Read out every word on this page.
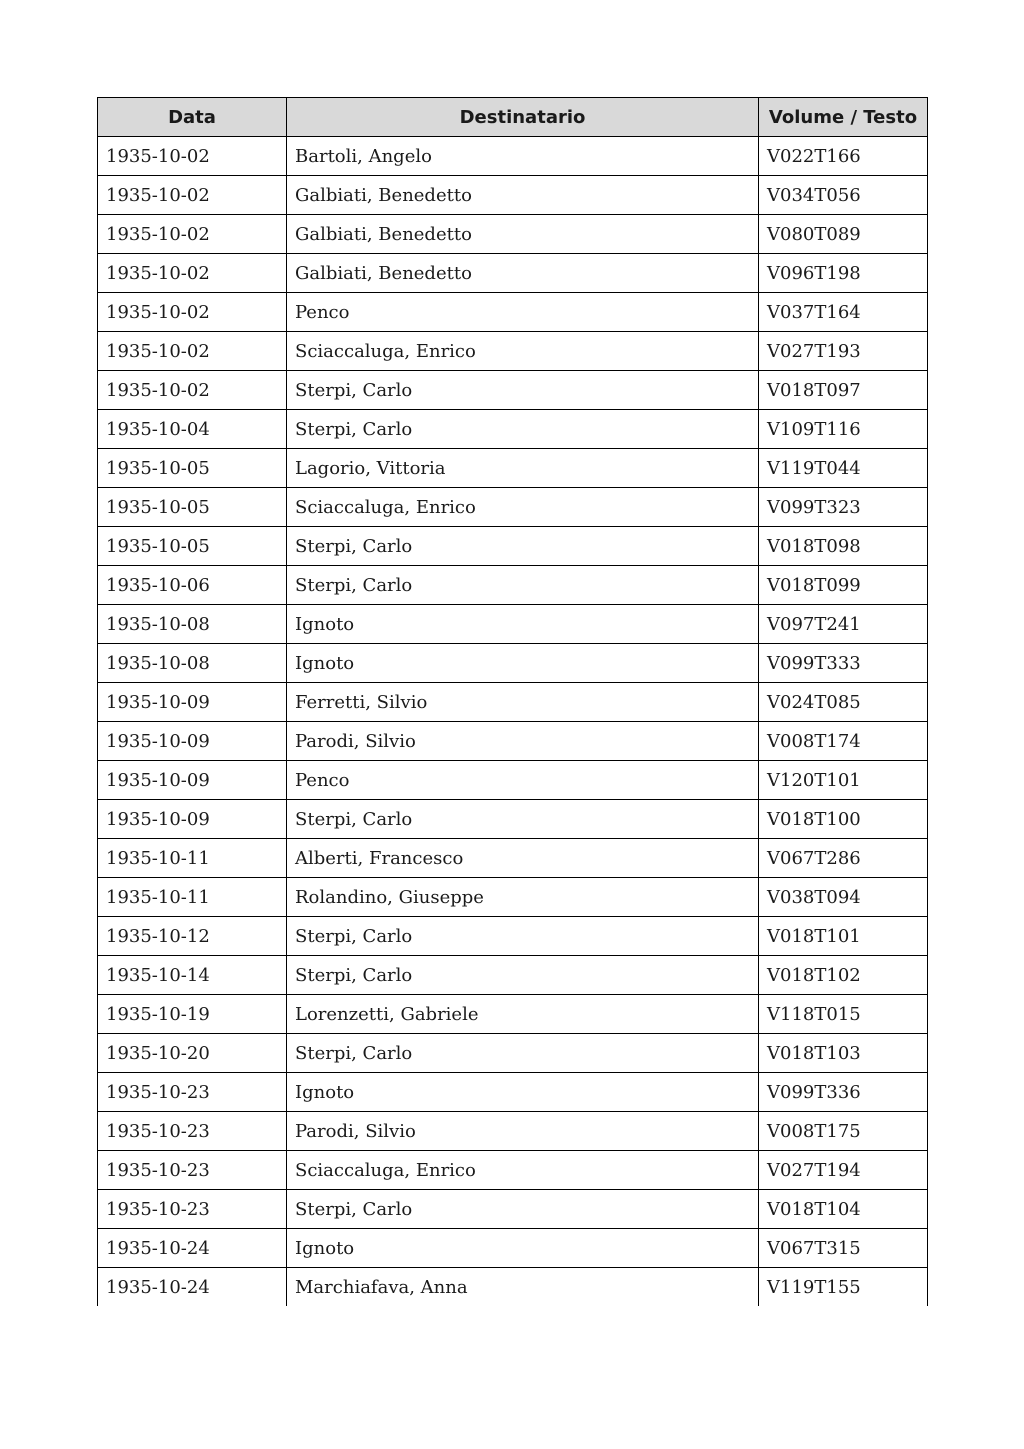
Data	Destinatario	Volume / Testo
1935-10-02	Bartoli, Angelo	V022T166
1935-10-02	Galbiati, Benedetto	V034T056
1935-10-02	Galbiati, Benedetto	V080T089
1935-10-02	Galbiati, Benedetto	V096T198
1935-10-02	Penco	V037T164
1935-10-02	Sciaccaluga, Enrico	V027T193
1935-10-02	Sterpi, Carlo	V018T097
1935-10-04	Sterpi, Carlo	V109T116
1935-10-05	Lagorio, Vittoria	V119T044
1935-10-05	Sciaccaluga, Enrico	V099T323
1935-10-05	Sterpi, Carlo	V018T098
1935-10-06	Sterpi, Carlo	V018T099
1935-10-08	Ignoto	V097T241
1935-10-08	Ignoto	V099T333
1935-10-09	Ferretti, Silvio	V024T085
1935-10-09	Parodi, Silvio	V008T174
1935-10-09	Penco	V120T101
1935-10-09	Sterpi, Carlo	V018T100
1935-10-11	Alberti, Francesco	V067T286
1935-10-11	Rolandino, Giuseppe	V038T094
1935-10-12	Sterpi, Carlo	V018T101
1935-10-14	Sterpi, Carlo	V018T102
1935-10-19	Lorenzetti, Gabriele	V118T015
1935-10-20	Sterpi, Carlo	V018T103
1935-10-23	Ignoto	V099T336
1935-10-23	Parodi, Silvio	V008T175
1935-10-23	Sciaccaluga, Enrico	V027T194
1935-10-23	Sterpi, Carlo	V018T104
1935-10-24	Ignoto	V067T315
1935-10-24	Marchiafava, Anna	V119T155
